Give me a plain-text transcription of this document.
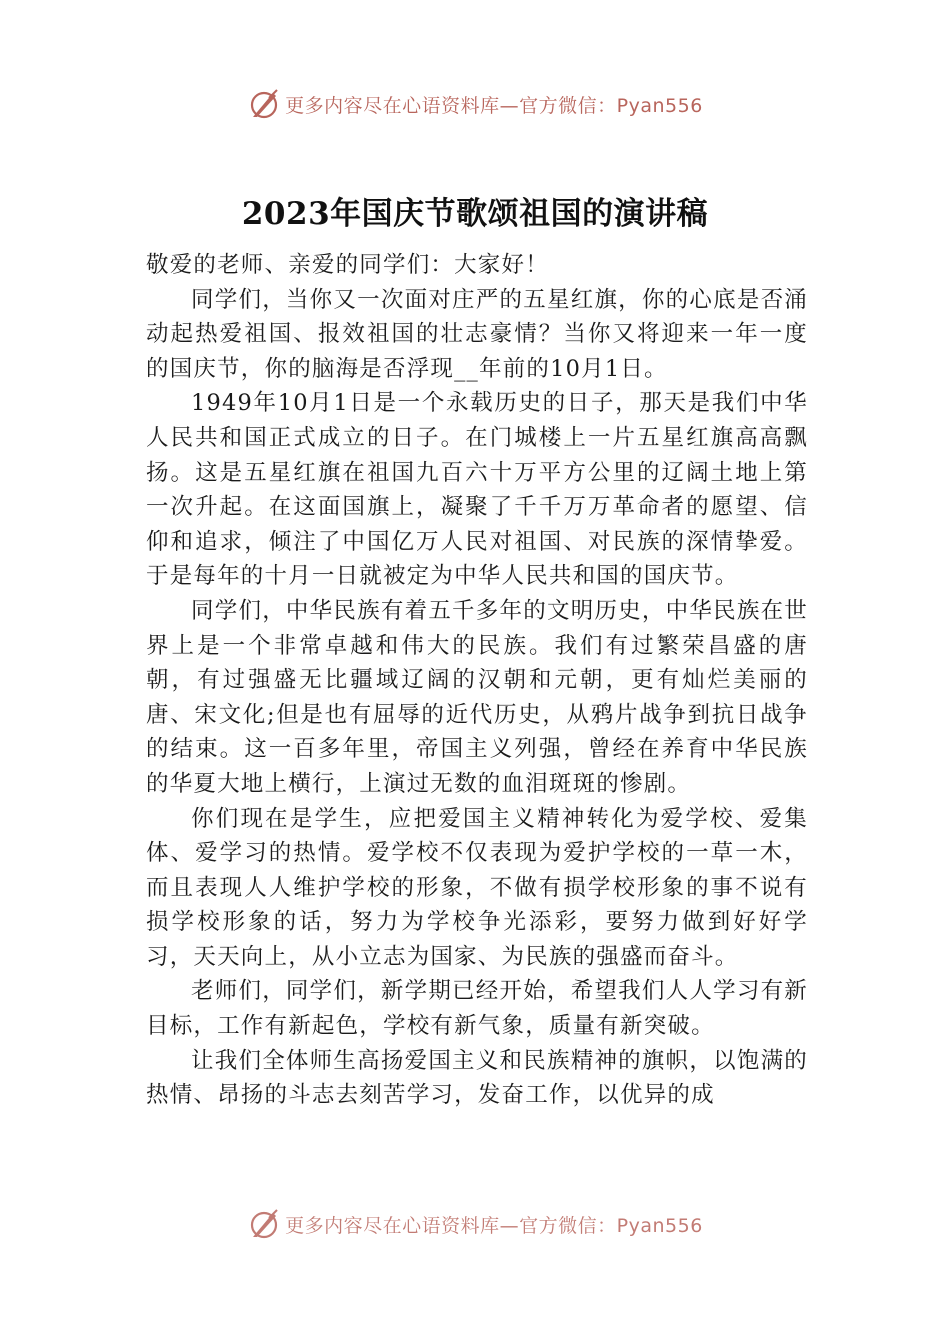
更多内容尽在心语资料库—官方微信：Pyan556
2023年国庆节歌颂祖国的演讲稿

敬爱的老师、亲爱的同学们：大家好！

同学们，当你又一次面对庄严的五星红旗，你的心底是否涌动起热爱祖国、报效祖国的壮志豪情？当你又将迎来一年一度的国庆节，你的脑海是否浮现__年前的10月1日。

1949年10月1日是一个永载历史的日子，那天是我们中华人民共和国正式成立的日子。在门城楼上一片五星红旗高高飘扬。这是五星红旗在祖国九百六十万平方公里的辽阔土地上第一次升起。在这面国旗上，凝聚了千千万万革命者的愿望、信仰和追求，倾注了中国亿万人民对祖国、对民族的深情挚爱。于是每年的十月一日就被定为中华人民共和国的国庆节。

同学们，中华民族有着五千多年的文明历史，中华民族在世界上是一个非常卓越和伟大的民族。我们有过繁荣昌盛的唐朝，有过强盛无比疆域辽阔的汉朝和元朝，更有灿烂美丽的唐、宋文化;但是也有屈辱的近代历史，从鸦片战争到抗日战争的结束。这一百多年里，帝国主义列强，曾经在养育中华民族的华夏大地上横行，上演过无数的血泪斑斑的惨剧。

你们现在是学生，应把爱国主义精神转化为爱学校、爱集体、爱学习的热情。爱学校不仅表现为爱护学校的一草一木，而且表现人人维护学校的形象，不做有损学校形象的事不说有损学校形象的话，努力为学校争光添彩，要努力做到好好学习，天天向上，从小立志为国家、为民族的强盛而奋斗。

老师们，同学们，新学期已经开始，希望我们人人学习有新目标，工作有新起色，学校有新气象，质量有新突破。

让我们全体师生高扬爱国主义和民族精神的旗帜，以饱满的热情、昂扬的斗志去刻苦学习，发奋工作，以优异的成

更多内容尽在心语资料库—官方微信：Pyan556
